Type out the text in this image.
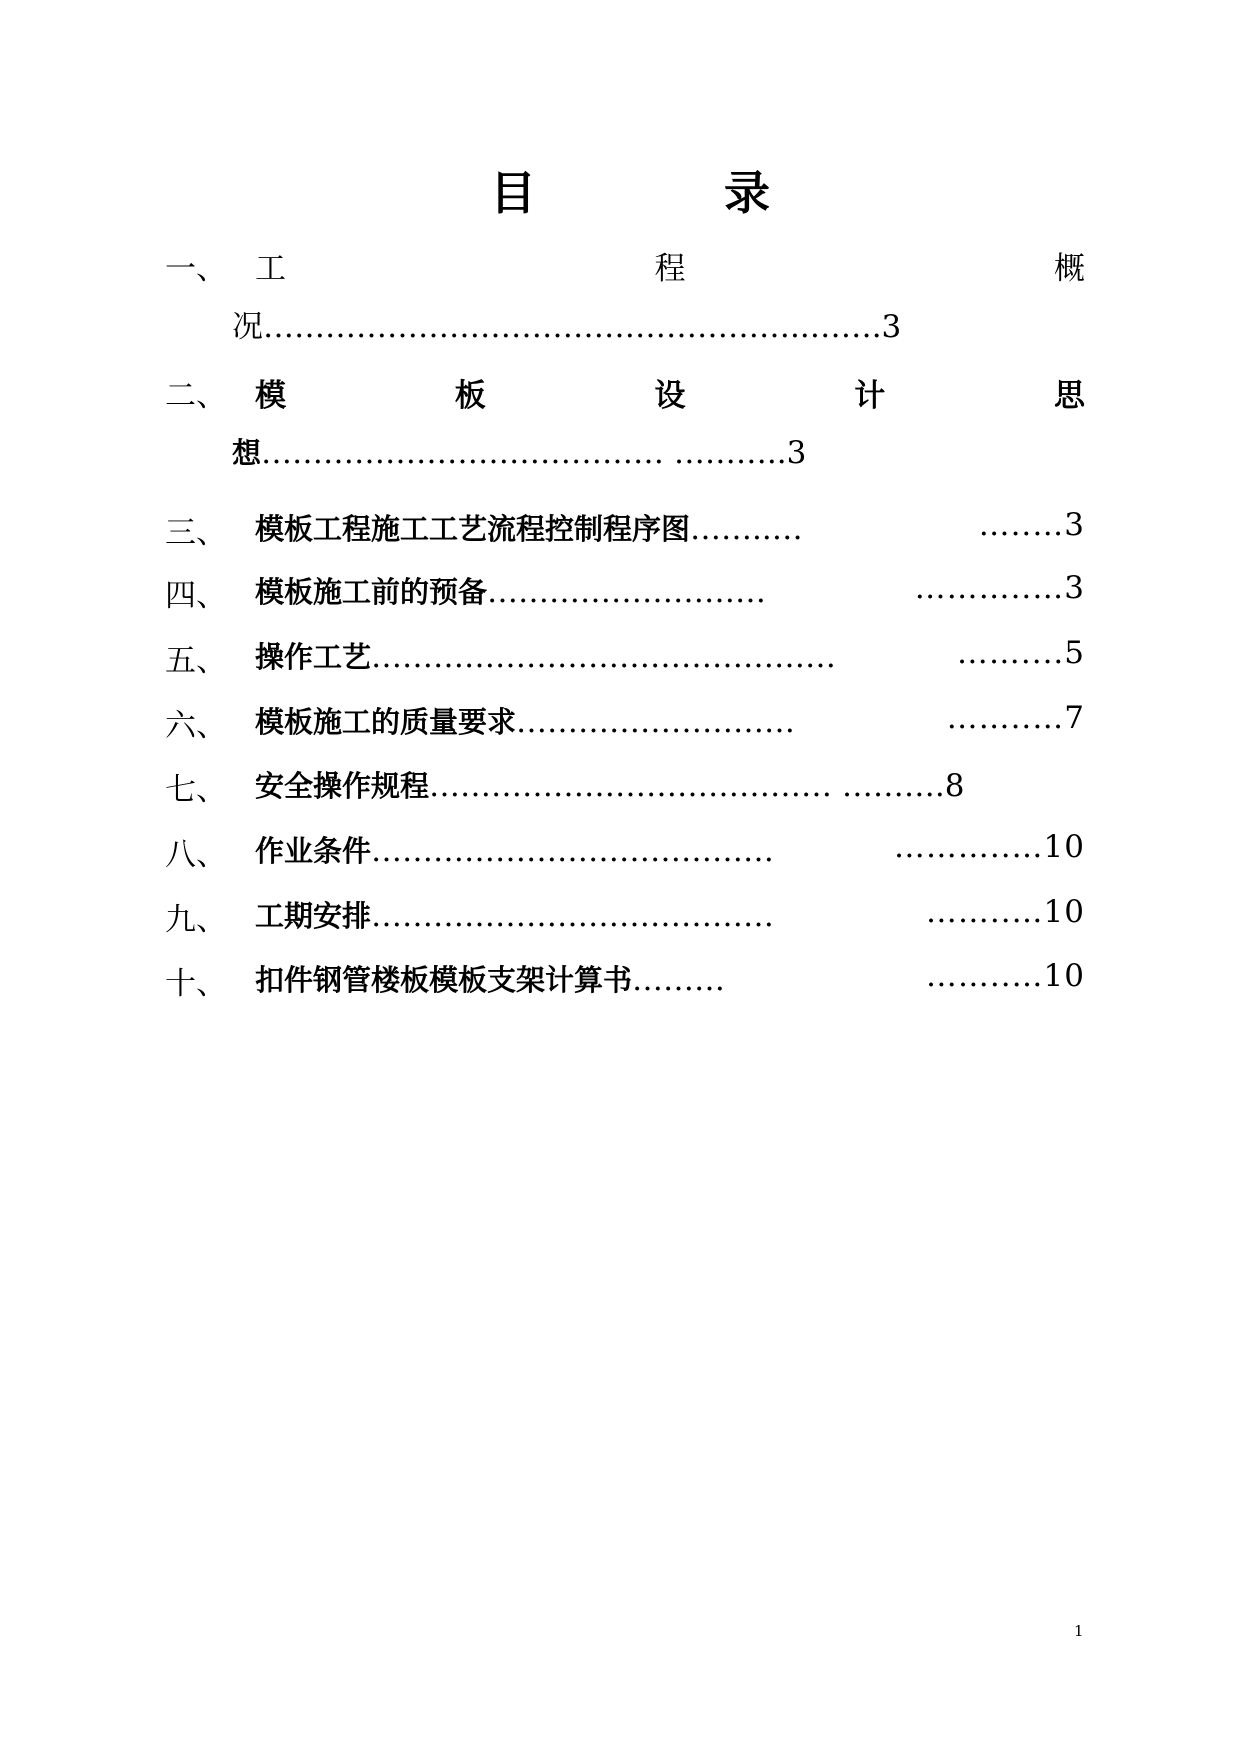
目	录
一、 工	程	概
况……………………………………………..…….3
二、 模	板	设	计	思
想………………………………… ………..3
三、 模板工程施工工艺流程控制程序图……..…	…..…3
四、 模板施工前的预备………………………	………..…3
五、 操作工艺………………………………………	……....5
六、 模板施工的质量要求………………………	……..…7
七、 安全操作规程………………………………… ……….8
八、 作业条件…………………………………	………..…10
九、 工期安排…………………………………	……..…10
十、 扣件钢管楼板模板支架计算书………	……..…10
1
